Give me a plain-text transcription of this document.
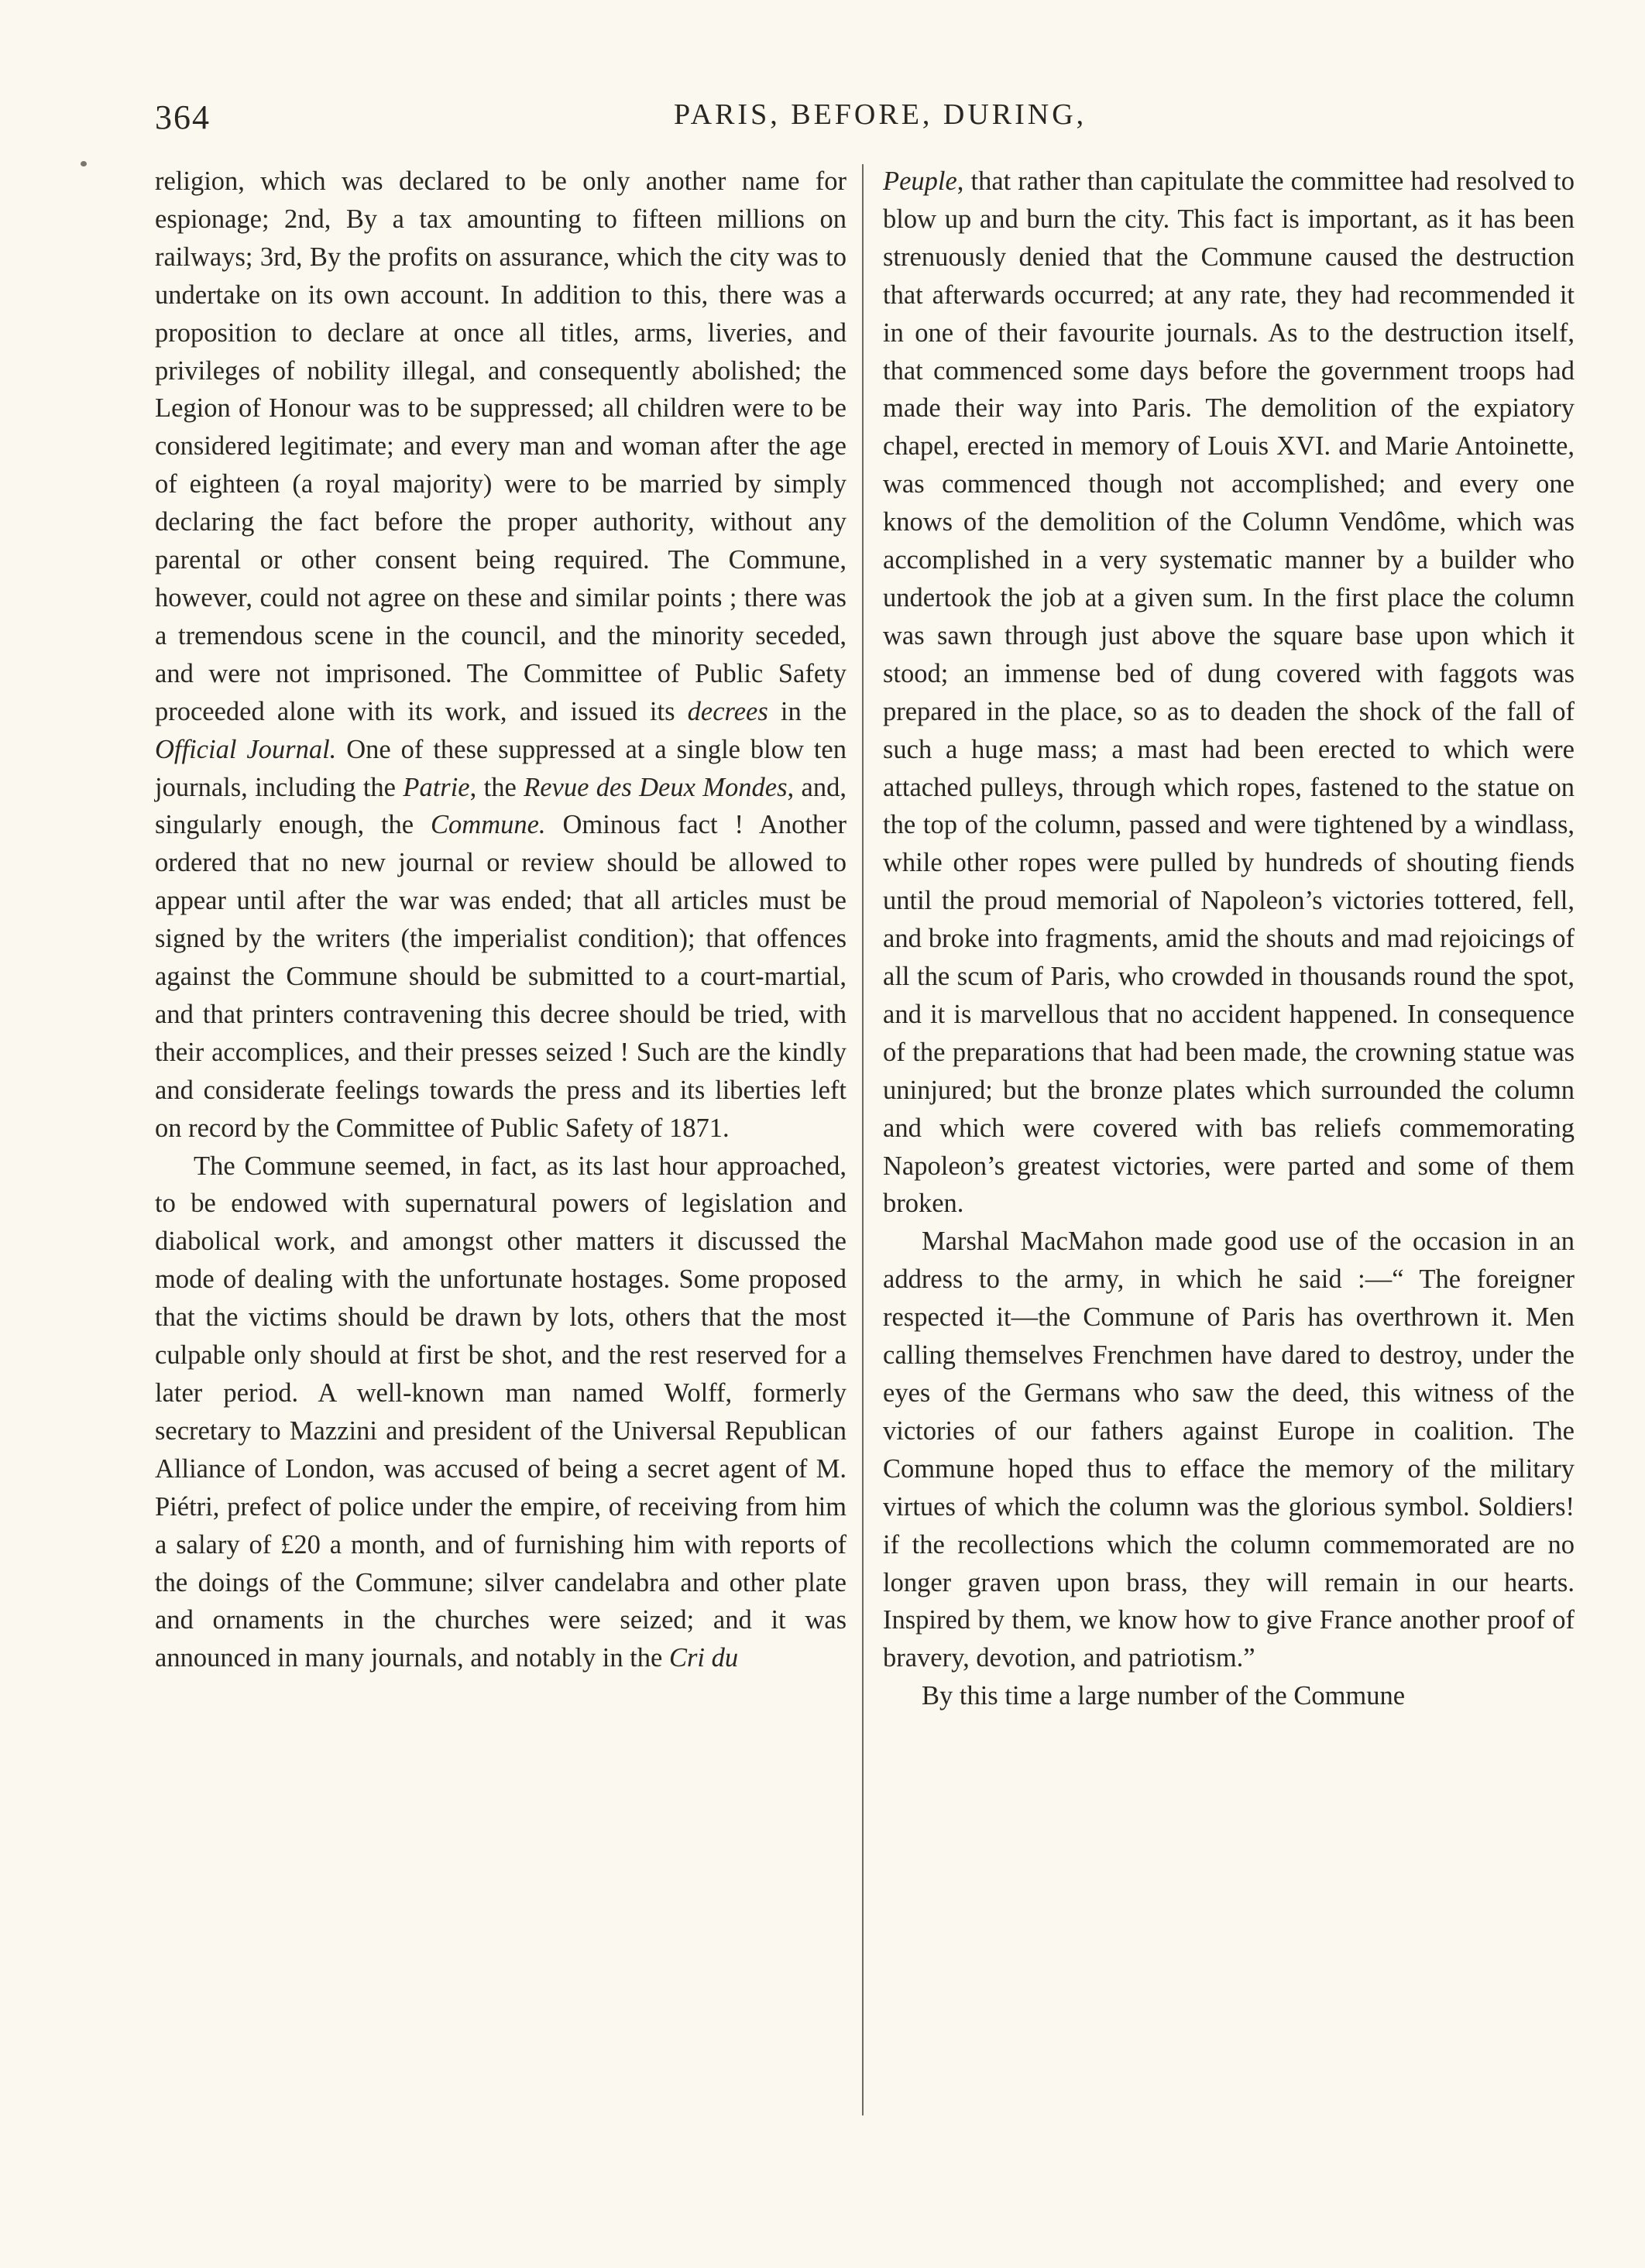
364	PARIS, BEFORE, DURING,

religion, which was declared to be only another name for espionage; 2nd, By a tax amounting to fifteen millions on railways; 3rd, By the profits on assurance, which the city was to undertake on its own account. In addition to this, there was a proposition to declare at once all titles, arms, liveries, and privileges of nobility illegal, and consequently abolished; the Legion of Honour was to be suppressed; all children were to be considered legitimate; and every man and woman after the age of eighteen (a royal majority) were to be married by simply declaring the fact before the proper authority, without any parental or other consent being required. The Commune, however, could not agree on these and similar points ; there was a tremendous scene in the council, and the minority seceded, and were not imprisoned. The Committee of Public Safety proceeded alone with its work, and issued its decrees in the Official Journal. One of these suppressed at a single blow ten journals, including the Patrie, the Revue des Deux Mondes, and, singularly enough, the Commune. Ominous fact ! Another ordered that no new journal or review should be allowed to appear until after the war was ended; that all articles must be signed by the writers (the imperialist condition); that offences against the Commune should be submitted to a court-martial, and that printers contravening this decree should be tried, with their accomplices, and their presses seized ! Such are the kindly and considerate feelings towards the press and its liberties left on record by the Committee of Public Safety of 1871.

The Commune seemed, in fact, as its last hour approached, to be endowed with supernatural powers of legislation and diabolical work, and amongst other matters it discussed the mode of dealing with the unfortunate hostages. Some proposed that the victims should be drawn by lots, others that the most culpable only should at first be shot, and the rest reserved for a later period. A well-known man named Wolff, formerly secretary to Mazzini and president of the Universal Republican Alliance of London, was accused of being a secret agent of M. Piétri, prefect of police under the empire, of receiving from him a salary of £20 a month, and of furnishing him with reports of the doings of the Commune; silver candelabra and other plate and ornaments in the churches were seized; and it was announced in many journals, and notably in the Cri du

Peuple, that rather than capitulate the committee had resolved to blow up and burn the city. This fact is important, as it has been strenuously denied that the Commune caused the destruction that afterwards occurred; at any rate, they had recommended it in one of their favourite journals. As to the destruction itself, that commenced some days before the government troops had made their way into Paris. The demolition of the expiatory chapel, erected in memory of Louis XVI. and Marie Antoinette, was commenced though not accomplished; and every one knows of the demolition of the Column Vendôme, which was accomplished in a very systematic manner by a builder who undertook the job at a given sum. In the first place the column was sawn through just above the square base upon which it stood; an immense bed of dung covered with faggots was prepared in the place, so as to deaden the shock of the fall of such a huge mass; a mast had been erected to which were attached pulleys, through which ropes, fastened to the statue on the top of the column, passed and were tightened by a windlass, while other ropes were pulled by hundreds of shouting fiends until the proud memorial of Napoleon’s victories tottered, fell, and broke into fragments, amid the shouts and mad rejoicings of all the scum of Paris, who crowded in thousands round the spot, and it is marvellous that no accident happened. In consequence of the preparations that had been made, the crowning statue was uninjured; but the bronze plates which surrounded the column and which were covered with bas reliefs commemorating Napoleon’s greatest victories, were parted and some of them broken.

Marshal MacMahon made good use of the occasion in an address to the army, in which he said :—“ The foreigner respected it—the Commune of Paris has overthrown it. Men calling themselves Frenchmen have dared to destroy, under the eyes of the Germans who saw the deed, this witness of the victories of our fathers against Europe in coalition. The Commune hoped thus to efface the memory of the military virtues of which the column was the glorious symbol. Soldiers! if the recollections which the column commemorated are no longer graven upon brass, they will remain in our hearts. Inspired by them, we know how to give France another proof of bravery, devotion, and patriotism.”

By this time a large number of the Commune
